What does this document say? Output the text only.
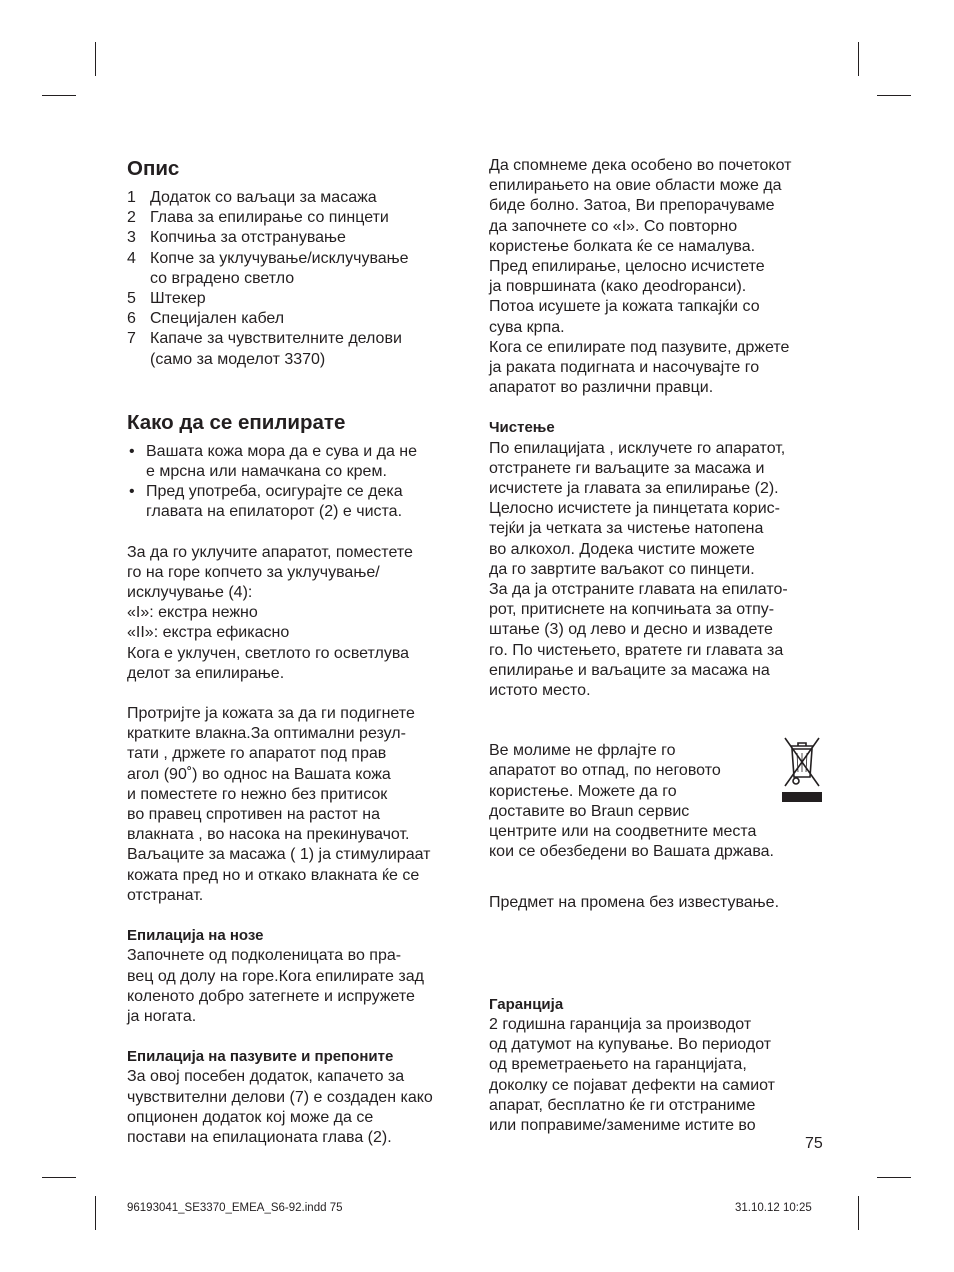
Опис
1 Додаток со ваљаци за масажа
2 Глава за епилирање со пинцети
3 Копчиња за отстранување
4 Копче за уклучување/исклучување
со вградено светло
5 Штекер
6 Специјален кабел
7 Капаче за чувствителните делови
(само за моделот 3370)
Како да се епилирате
• Вашата кожа мора да е сува и да не
е мрсна или намачкана со крем.
• Пред употреба, осигурајте се дека
главата на епилаторот (2) е чиста.

За да го уклучите апаратот, поместете
го на горе копчето за уклучување/
исклучување (4):
«I»: екстра нежно
«II»: екстра ефикасно
Кога е уклучен, светлото го осветлува
делот за епилирање.

Протријте ја кожата за да ги подигнете
кратките влакна.За оптимални резул-
тати , држете го апаратот под прав
агол (90˚) во однос на Вашата кожа
и поместете го нежно без притисок
во правец спротивен на растот на
влакната , во насока на прекинувачот.
Ваљаците за масажа ( 1) ја стимулираат
кожата пред но и откако влакната ќе се
отстранат.

Епилација на нозе

Започнете од подколеницата во пра-
вец од долу на горе.Кога епилирате зад
коленото добро затегнете и испружете
ја ногата.

Епилација на пазувите и препоните

За овој посебен додаток, капачето за
чувствителни делови (7) е создаден како
опционен додаток кој може да се
постави на епилационата глава (2).

Да спомнеме дека особено во почетокот
епилирањето на овие области може да
биде болно. Затоа, Ви препорачуваме
да започнете со «I». Со повторно
користење болката ќе се намалува.
Пред епилирање, целосно исчистете
ја површината (како деоdrоранси).
Потоа исушете ја кожата тапкајќи со
сува крпа.
Кога се епилирате под пазувите, држете
ја раката подигната и насочувајте го
апаратот во различни правци.

Чистење

По епилацијата , исклучете го апаратот,
отстранете ги ваљаците за масажа и
исчистете ја главата за епилирање (2).
Целосно исчистете ја пинцетата корис-
тејќи ја четката за чистење натопена
во алкохол. Додека чистите можете
да го завртите ваљакот со пинцети.
За да ја отстраните главата на епилато-
рот, притиснете на копчињата за отпу-
штање (3) од лево и десно и извадете
го. По чистењето, вратете ги главата за
епилирање и ваљаците за масажа на
истото место.

Ве молиме не фрлајте го
апаратот во отпад, по неговото
користење. Можете да го
доставите во Braun сервис
центрите или на соодветните места
кои се обезбедени во Вашата држава.

Предмет на промена без известување.

Гаранција

2 годишна гаранција за производот
од датумот на купување. Во периодот
од времетраењето на гаранцијата,
доколку се појават дефекти на самиот
апарат, бесплатно ќе ги отстраниме
или поправиме/замениме истите во

75
96193041_SE3370_EMEA_S6-92.indd 75	31.10.12 10:25
